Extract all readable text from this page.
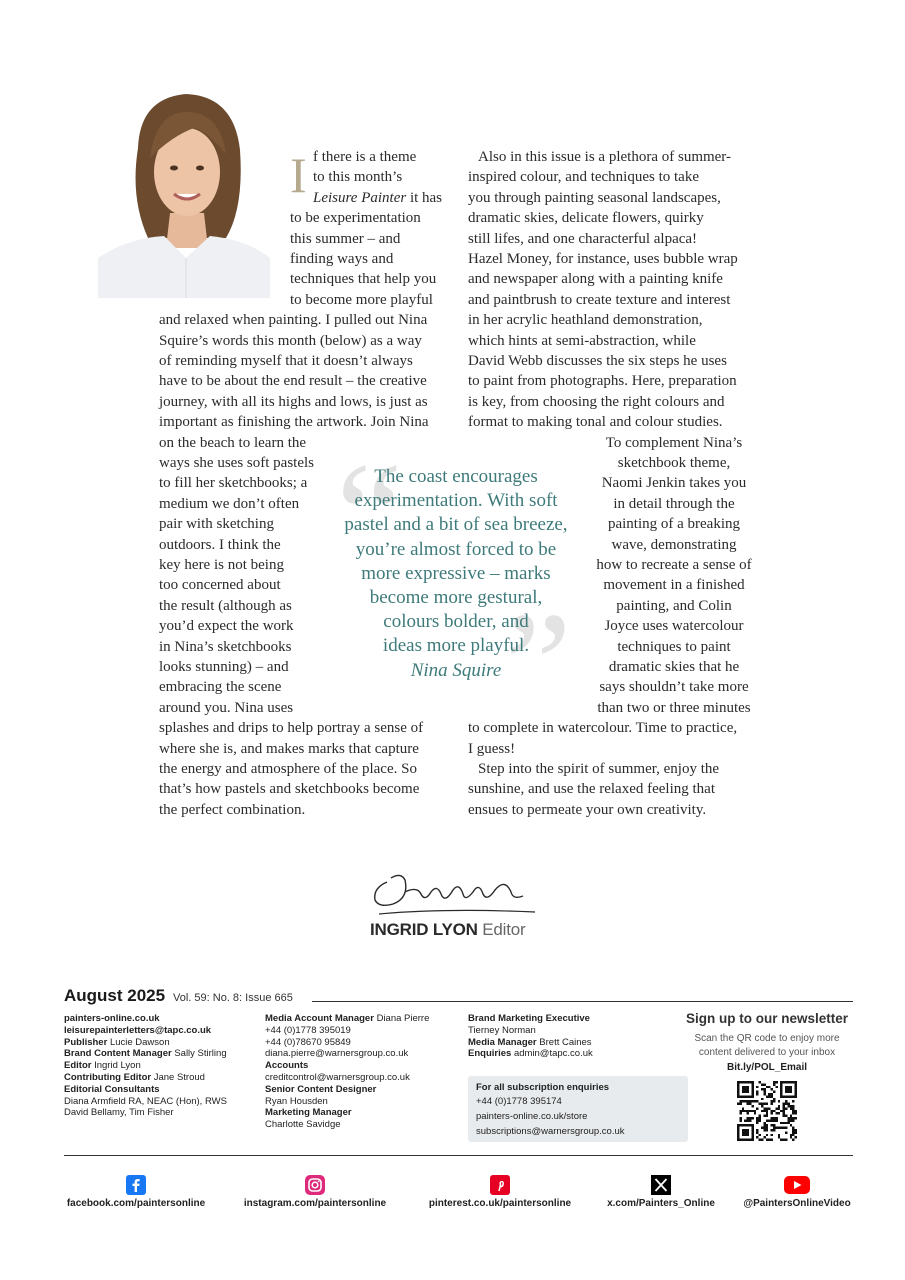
I f there is a theme
to this month’s
Leisure Painter it has
to be experimentation
this summer – and
finding ways and
techniques that help you
to become more playful
and relaxed when painting. I pulled out Nina
Squire’s words this month (below) as a way
of reminding myself that it doesn’t always
have to be about the end result – the creative
journey, with all its highs and lows, is just as
important as finishing the artwork. Join Nina
on the beach to learn the
ways she uses soft pastels
to fill her sketchbooks; a
medium we don’t often
pair with sketching
outdoors. I think the
key here is not being
too concerned about
the result (although as
you’d expect the work
in Nina’s sketchbooks
looks stunning) – and
embracing the scene
around you. Nina uses
splashes and drips to help portray a sense of
where she is, and makes marks that capture
the energy and atmosphere of the place. So
that’s how pastels and sketchbooks become
the perfect combination.
Also in this issue is a plethora of summer-
inspired colour, and techniques to take
you through painting seasonal landscapes,
dramatic skies, delicate flowers, quirky
still lifes, and one characterful alpaca!
Hazel Money, for instance, uses bubble wrap
and newspaper along with a painting knife
and paintbrush to create texture and interest
in her acrylic heathland demonstration,
which hints at semi-abstraction, while
David Webb discusses the six steps he uses
to paint from photographs. Here, preparation
is key, from choosing the right colours and
format to making tonal and colour studies.
To complement Nina’s
sketchbook theme,
Naomi Jenkin takes you
in detail through the
painting of a breaking
wave, demonstrating
how to recreate a sense of
movement in a finished
painting, and Colin
Joyce uses watercolour
techniques to paint
dramatic skies that he
says shouldn’t take more
than two or three minutes
to complete in watercolour. Time to practice,
I guess!
Step into the spirit of summer, enjoy the
sunshine, and use the relaxed feeling that
ensues to permeate your own creativity.
“
”
The coast encourages
experimentation. With soft
pastel and a bit of sea breeze,
you’re almost forced to be
more expressive – marks
become more gestural,
colours bolder, and
ideas more playful.
Nina Squire
INGRID LYON Editor
August 2025 Vol. 59: No. 8: Issue 665
painters-online.co.uk
leisurepainterletters@tapc.co.uk
Publisher Lucie Dawson
Brand Content Manager Sally Stirling
Editor Ingrid Lyon
Contributing Editor Jane Stroud
Editorial Consultants
Diana Armfield RA, NEAC (Hon), RWS
David Bellamy, Tim Fisher
Media Account Manager Diana Pierre
+44 (0)1778 395019
+44 (0)78670 95849
diana.pierre@warnersgroup.co.uk
Accounts
creditcontrol@warnersgroup.co.uk
Senior Content Designer
Ryan Housden
Marketing Manager
Charlotte Savidge
Brand Marketing Executive
Tierney Norman
Media Manager Brett Caines
Enquiries admin@tapc.co.uk
For all subscription enquiries
+44 (0)1778 395174
painters-online.co.uk/store
subscriptions@warnersgroup.co.uk
Sign up to our newsletter
Scan the QR code to enjoy more
content delivered to your inbox
Bit.ly/POL_Email
facebook.com/paintersonline	instagram.com/paintersonline	pinterest.co.uk/paintersonline	x.com/Painters_Online	@PaintersOnlineVideo
